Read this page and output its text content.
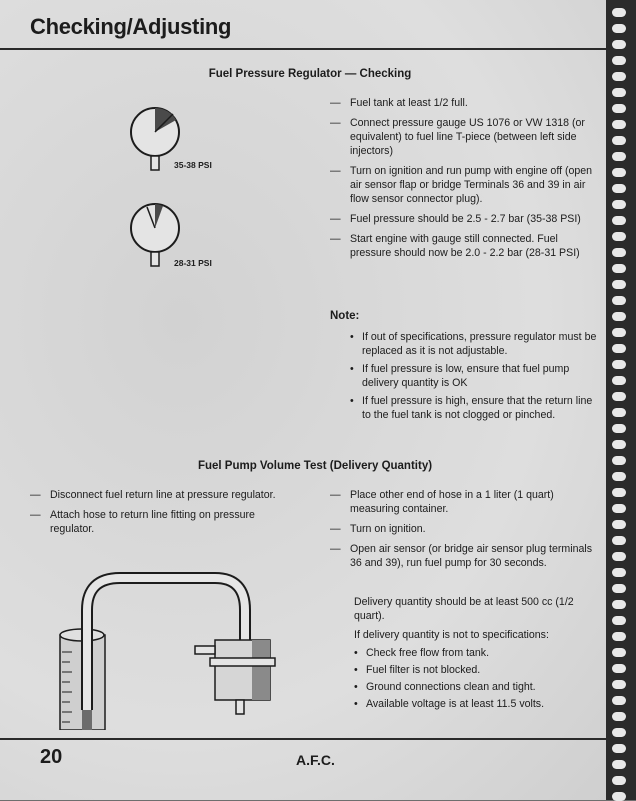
Checking/Adjusting
Fuel Pressure Regulator — Checking
35-38 PSI
28-31 PSI
— Fuel tank at least 1/2 full.
— Connect pressure gauge US 1076 or VW 1318 (or equivalent) to fuel line T-piece (between left side injectors)
— Turn on ignition and run pump with engine off (open air sensor flap or bridge Terminals 36 and 39 in air flow sensor connector plug).
— Fuel pressure should be 2.5 - 2.7 bar (35-38 PSI)
— Start engine with gauge still connected. Fuel pressure should now be 2.0 - 2.2 bar (28-31 PSI)
Note:
• If out of specifications, pressure regulator must be replaced as it is not adjustable.
• If fuel pressure is low, ensure that fuel pump delivery quantity is OK
• If fuel pressure is high, ensure that the return line to the fuel tank is not clogged or pinched.
Fuel Pump Volume Test (Delivery Quantity)
— Disconnect fuel return line at pressure regulator.
— Attach hose to return line fitting on pressure regulator.
— Place other end of hose in a 1 liter (1 quart) measuring container.
— Turn on ignition.
— Open air sensor (or bridge air sensor plug terminals 36 and 39), run fuel pump for 30 seconds.
Delivery quantity should be at least 500 cc (1/2 quart).
If delivery quantity is not to specifications:
• Check free flow from tank.
• Fuel filter is not blocked.
• Ground connections clean and tight.
• Available voltage is at least 11.5 volts.
20	A.F.C.
